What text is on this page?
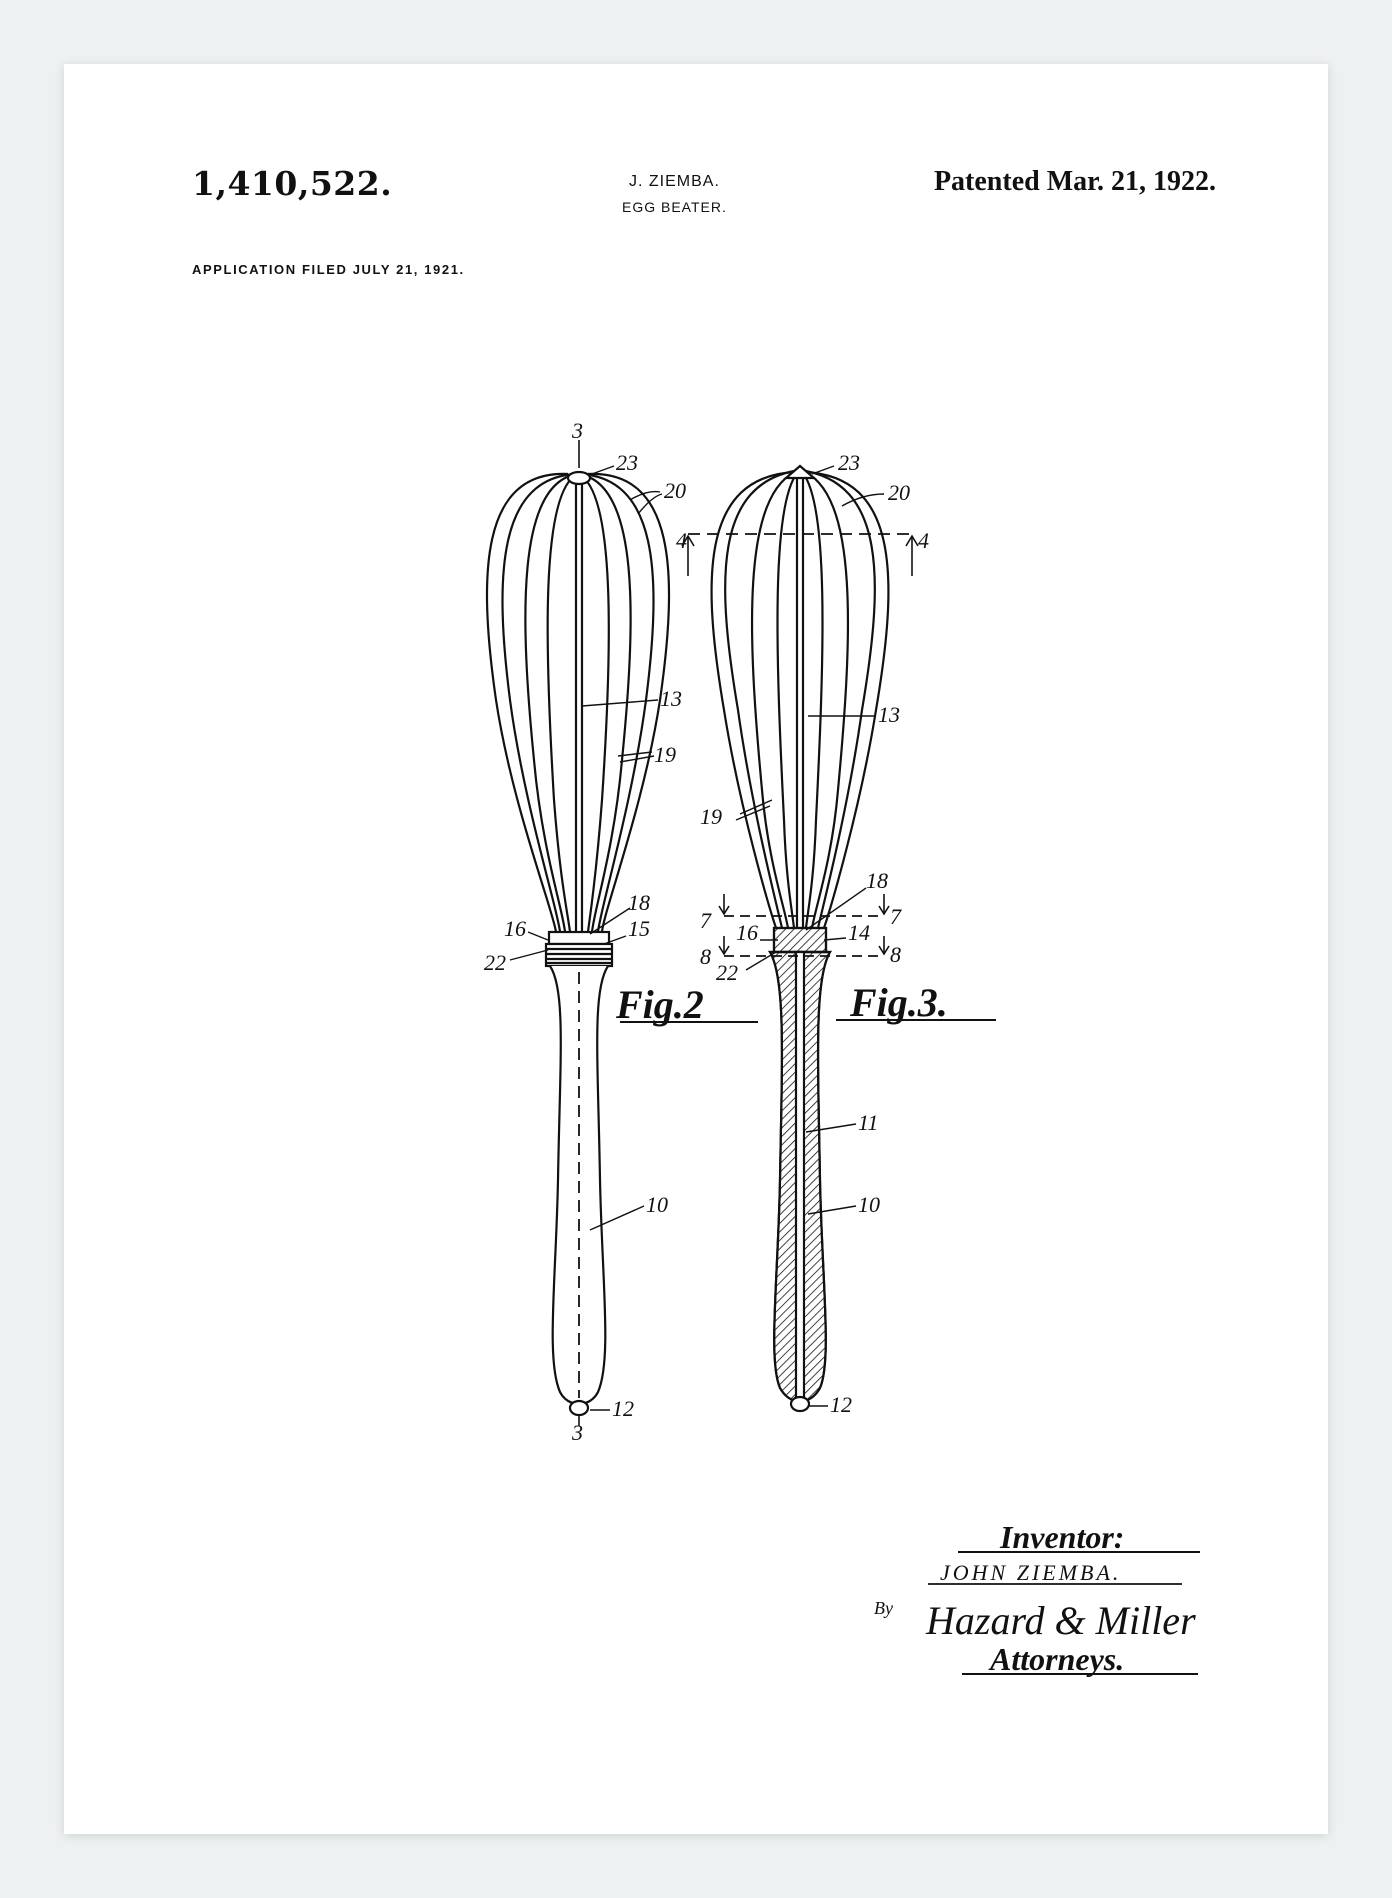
1,410,522.	J. ZIEMBA.
EGG BEATER.
Patented Mar. 21, 1922.
APPLICATION FILED JULY 21, 1921.
3
3
23
20
13
19
18
16	15
22
10
12
Fig.2
23
20
4	4
13
19
18
7	7
16	14
8	8
22
11
10
12
Fig.3.
Inventor:
JOHN ZIEMBA.
By Hazard & Miller
Attorneys.
